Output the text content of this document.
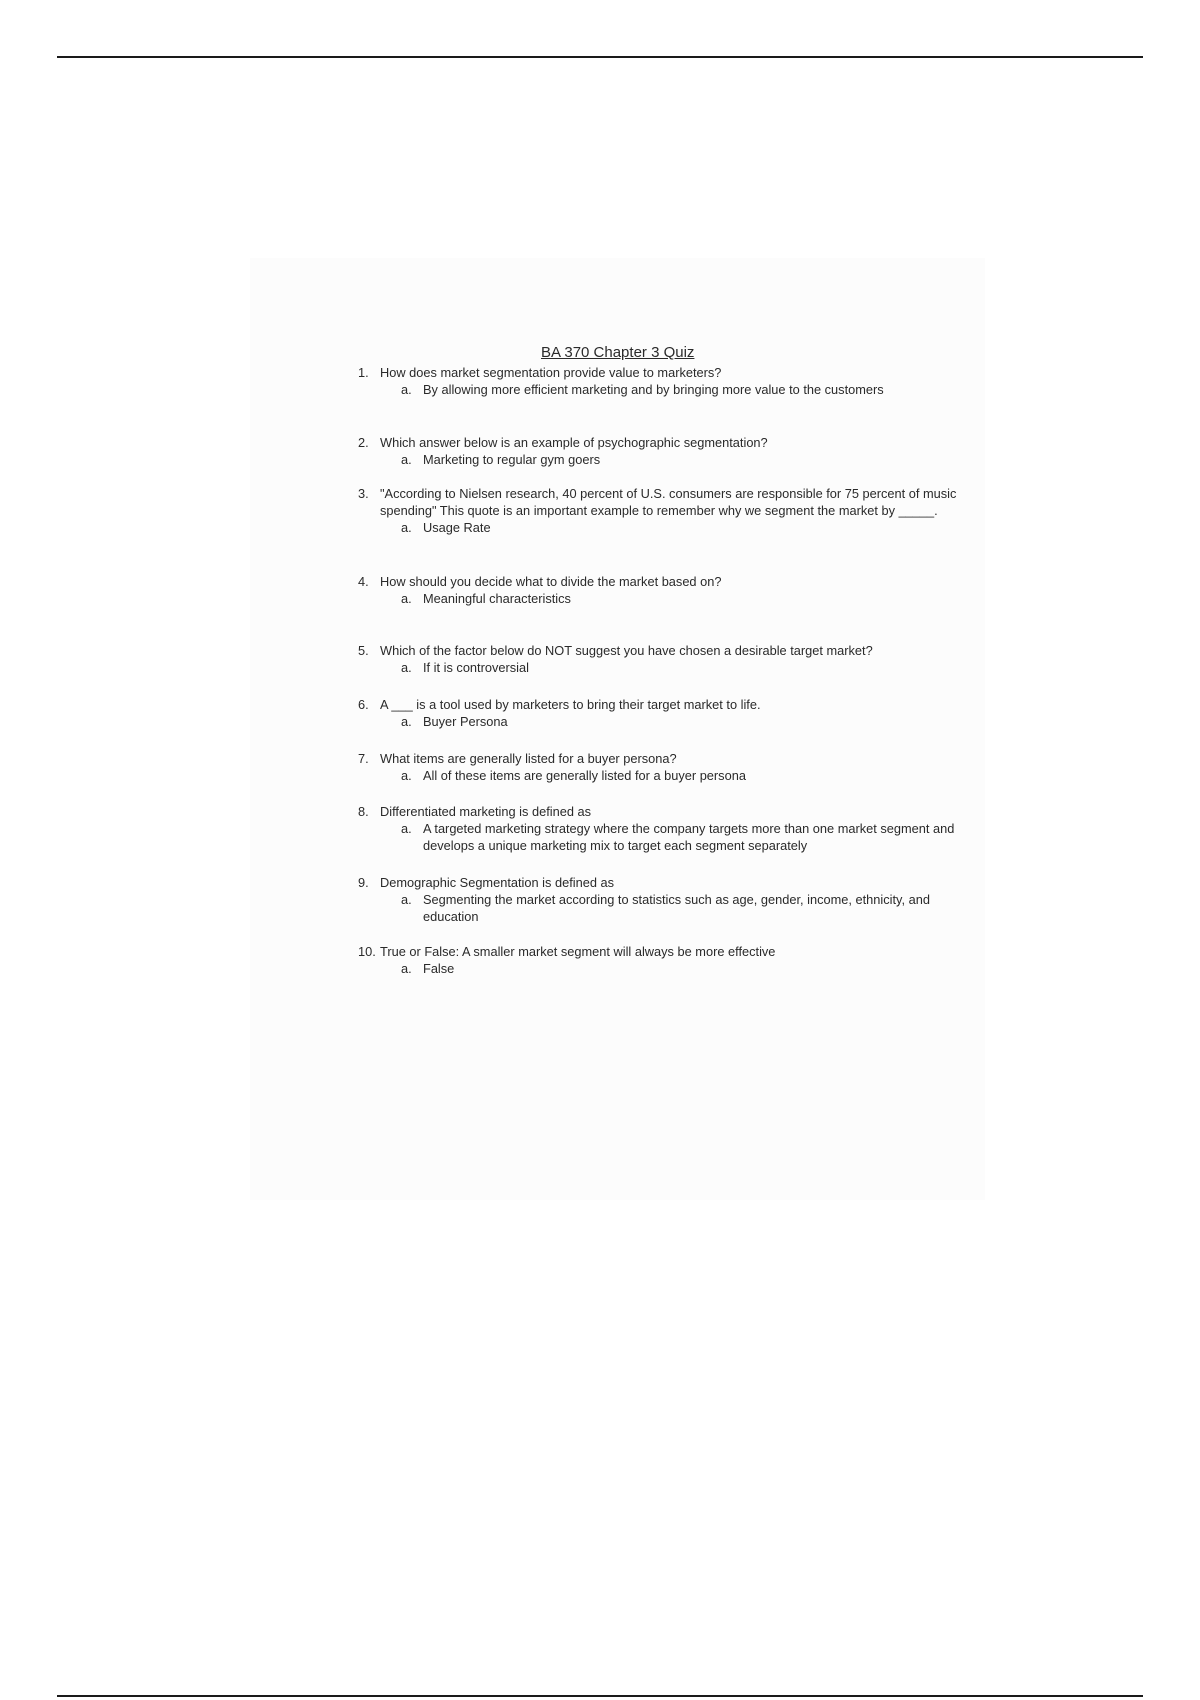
BA 370 Chapter 3 Quiz
1. How does market segmentation provide value to marketers?
a. By allowing more efficient marketing and by bringing more value to the customers
2. Which answer below is an example of psychographic segmentation?
a. Marketing to regular gym goers
3. "According to Nielsen research, 40 percent of U.S. consumers are responsible for 75 percent of music spending" This quote is an important example to remember why we segment the market by _____.
a. Usage Rate
4. How should you decide what to divide the market based on?
a. Meaningful characteristics
5. Which of the factor below do NOT suggest you have chosen a desirable target market?
a. If it is controversial
6. A ___ is a tool used by marketers to bring their target market to life.
a. Buyer Persona
7. What items are generally listed for a buyer persona?
a. All of these items are generally listed for a buyer persona
8. Differentiated marketing is defined as
a. A targeted marketing strategy where the company targets more than one market segment and develops a unique marketing mix to target each segment separately
9. Demographic Segmentation is defined as
a. Segmenting the market according to statistics such as age, gender, income, ethnicity, and education
10. True or False: A smaller market segment will always be more effective
a. False
